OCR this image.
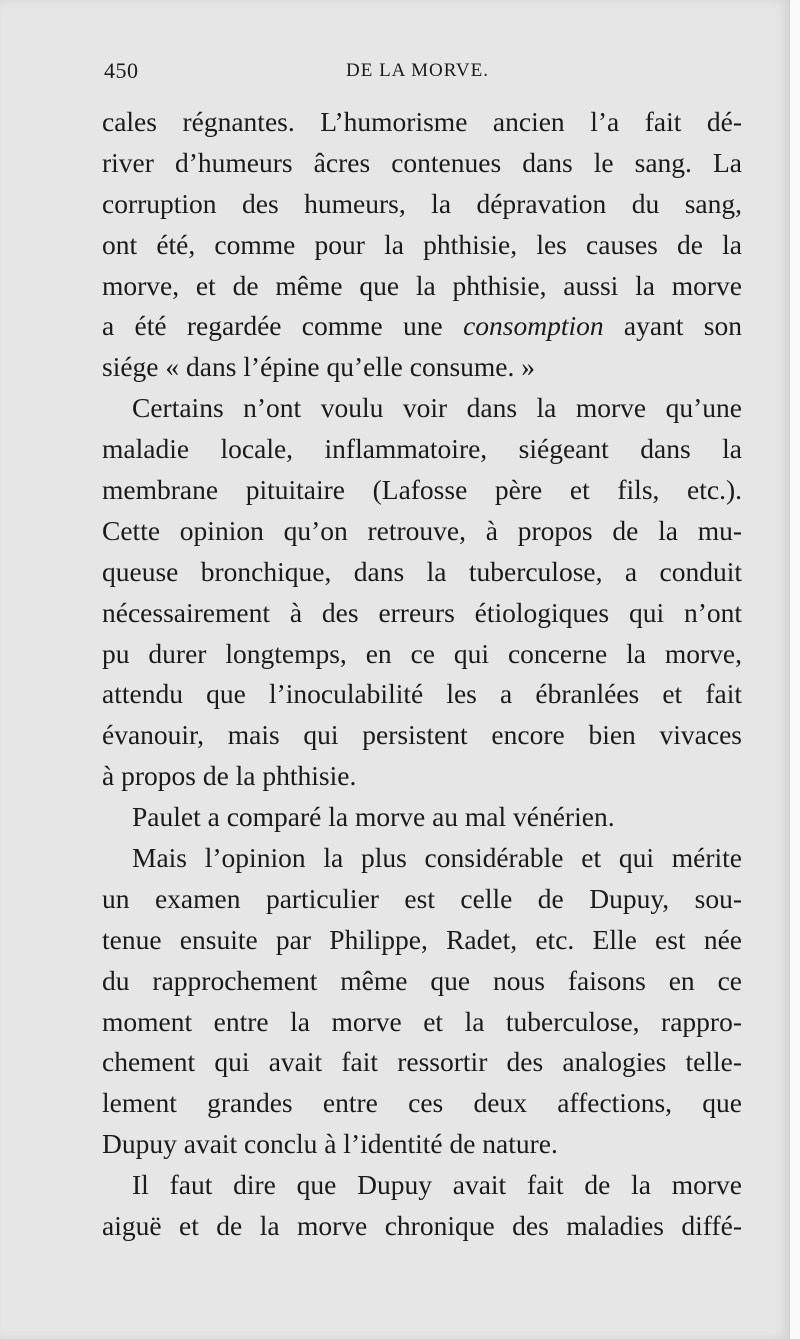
450	DE LA MORVE.
cales régnantes. L’humorisme ancien l’a fait dé-
river d’humeurs âcres contenues dans le sang. La
corruption des humeurs, la dépravation du sang,
ont été, comme pour la phthisie, les causes de la
morve, et de même que la phthisie, aussi la morve
a été regardée comme une consomption ayant son
siége « dans l’épine qu’elle consume. »
Certains n’ont voulu voir dans la morve qu’une
maladie locale, inflammatoire, siégeant dans la
membrane pituitaire (Lafosse père et fils, etc.).
Cette opinion qu’on retrouve, à propos de la mu-
queuse bronchique, dans la tuberculose, a conduit
nécessairement à des erreurs étiologiques qui n’ont
pu durer longtemps, en ce qui concerne la morve,
attendu que l’inoculabilité les a ébranlées et fait
évanouir, mais qui persistent encore bien vivaces
à propos de la phthisie.
Paulet a comparé la morve au mal vénérien.
Mais l’opinion la plus considérable et qui mérite
un examen particulier est celle de Dupuy, sou-
tenue ensuite par Philippe, Radet, etc. Elle est née
du rapprochement même que nous faisons en ce
moment entre la morve et la tuberculose, rappro-
chement qui avait fait ressortir des analogies telle-
lement grandes entre ces deux affections, que
Dupuy avait conclu à l’identité de nature.
Il faut dire que Dupuy avait fait de la morve
aiguë et de la morve chronique des maladies diffé-
